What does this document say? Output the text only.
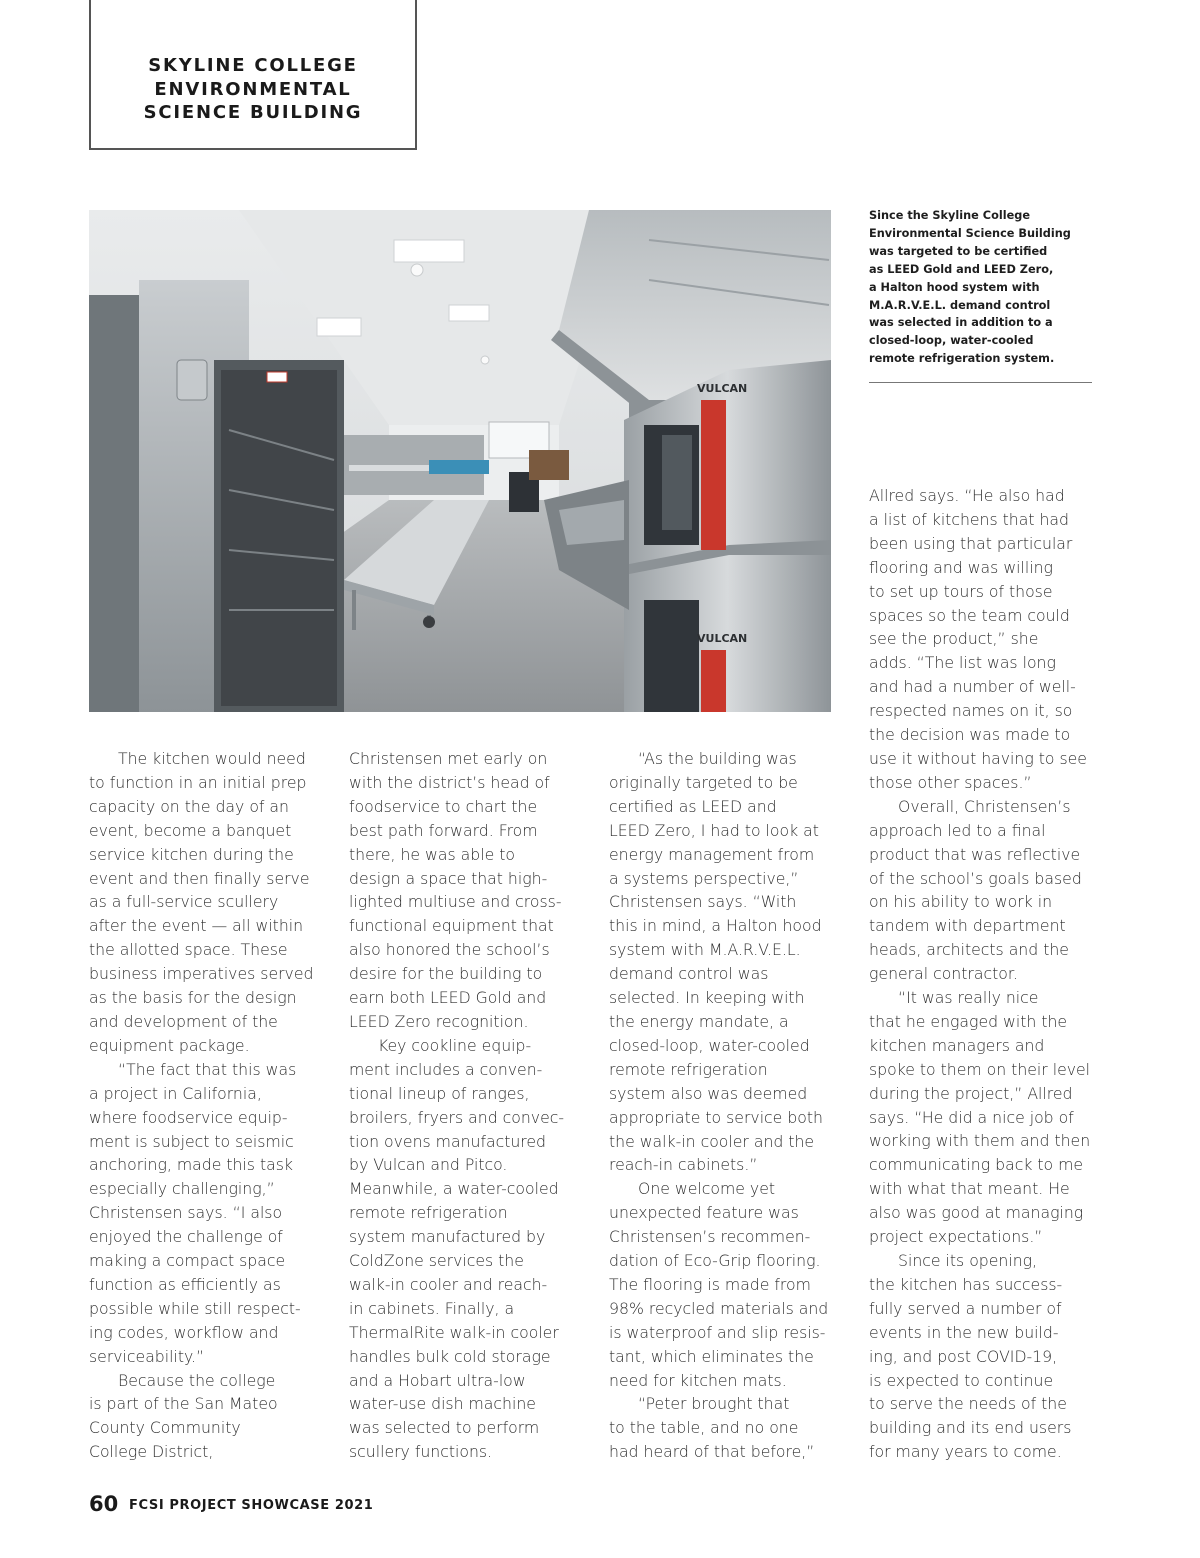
SKYLINE COLLEGE
ENVIRONMENTAL
SCIENCE BUILDING
VULCAN
VULCAN
Since the Skyline College
Environmental Science Building
was targeted to be certified
as LEED Gold and LEED Zero,
a Halton hood system with
M.A.R.V.E.L. demand control
was selected in addition to a
closed-loop, water-cooled
remote refrigeration system.
The kitchen would need
to function in an initial prep
capacity on the day of an
event, become a banquet
service kitchen during the
event and then finally serve
as a full-service scullery
after the event — all within
the allotted space. These
business imperatives served
as the basis for the design
and development of the
equipment package.
“The fact that this was
a project in California,
where foodservice equip-
ment is subject to seismic
anchoring, made this task
especially challenging,”
Christensen says. “I also
enjoyed the challenge of
making a compact space
function as efficiently as
possible while still respect-
ing codes, workflow and
serviceability.”
Because the college
is part of the San Mateo
County Community
College District,
Christensen met early on
with the district’s head of
foodservice to chart the
best path forward. From
there, he was able to
design a space that high-
lighted multiuse and cross-
functional equipment that
also honored the school’s
desire for the building to
earn both LEED Gold and
LEED Zero recognition.
Key cookline equip-
ment includes a conven-
tional lineup of ranges,
broilers, fryers and convec-
tion ovens manufactured
by Vulcan and Pitco.
Meanwhile, a water-cooled
remote refrigeration
system manufactured by
ColdZone services the
walk-in cooler and reach-
in cabinets. Finally, a
ThermalRite walk-in cooler
handles bulk cold storage
and a Hobart ultra-low
water-use dish machine
was selected to perform
scullery functions.
“As the building was
originally targeted to be
certified as LEED and
LEED Zero, I had to look at
energy management from
a systems perspective,”
Christensen says. “With
this in mind, a Halton hood
system with M.A.R.V.E.L.
demand control was
selected. In keeping with
the energy mandate, a
closed-loop, water-cooled
remote refrigeration
system also was deemed
appropriate to service both
the walk-in cooler and the
reach-in cabinets.”
One welcome yet
unexpected feature was
Christensen’s recommen-
dation of Eco-Grip flooring.
The flooring is made from
98% recycled materials and
is waterproof and slip resis-
tant, which eliminates the
need for kitchen mats.
“Peter brought that
to the table, and no one
had heard of that before,”
Allred says. “He also had
a list of kitchens that had
been using that particular
flooring and was willing
to set up tours of those
spaces so the team could
see the product,” she
adds. “The list was long
and had a number of well-
respected names on it, so
the decision was made to
use it without having to see
those other spaces.”
Overall, Christensen’s
approach led to a final
product that was reflective
of the school’s goals based
on his ability to work in
tandem with department
heads, architects and the
general contractor.
“It was really nice
that he engaged with the
kitchen managers and
spoke to them on their level
during the project,” Allred
says. “He did a nice job of
working with them and then
communicating back to me
with what that meant. He
also was good at managing
project expectations.”
Since its opening,
the kitchen has success-
fully served a number of
events in the new build-
ing, and post COVID-19,
is expected to continue
to serve the needs of the
building and its end users
for many years to come.
60 FCSI PROJECT SHOWCASE 2021
